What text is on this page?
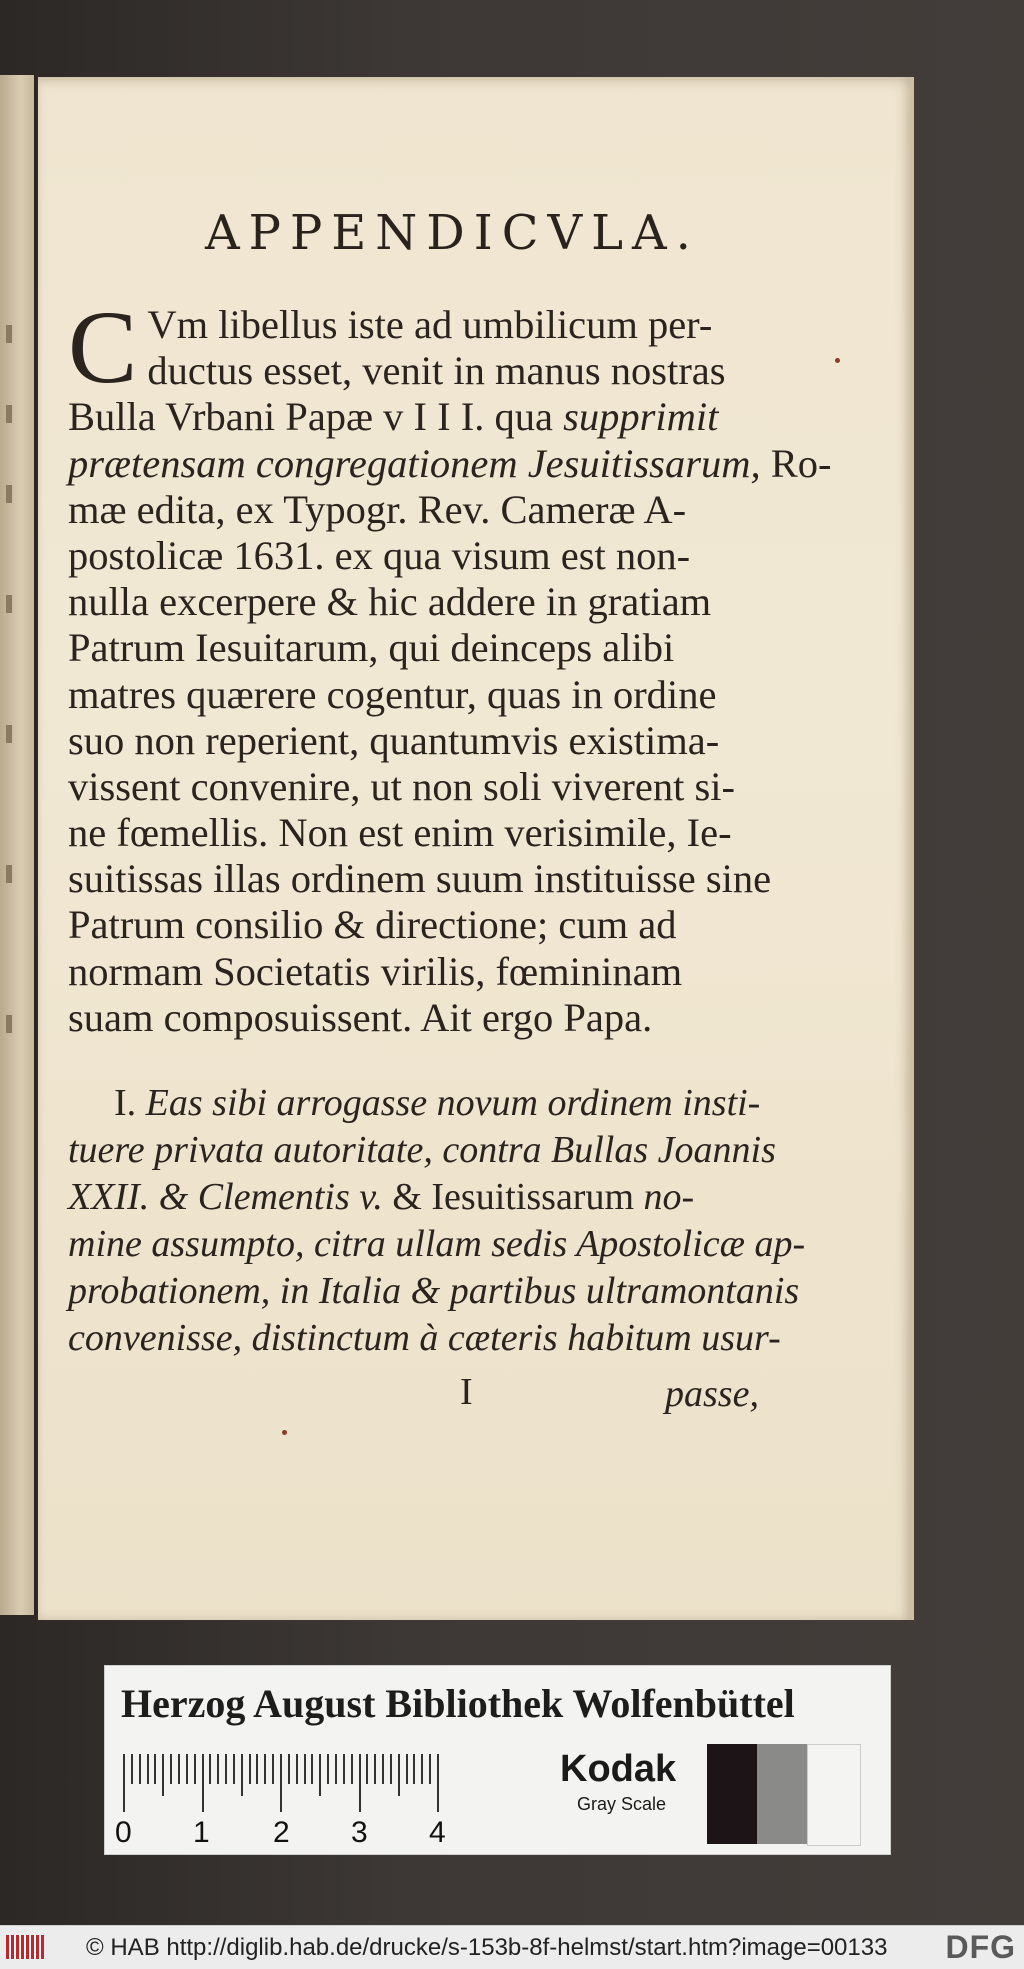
APPENDICVLA.
C Vm libellus iste ad umbilicum per-
ductus esset, venit in manus nostras
Bulla Vrbani Papæ v I I I. qua supprimit
prætensam congregationem Jesuitissarum, Ro-
mæ edita, ex Typogr. Rev. Cameræ A-
postolicæ 1631. ex qua visum est non-
nulla excerpere & hic addere in gratiam
Patrum Iesuitarum, qui deinceps alibi
matres quærere cogentur, quas in ordine
suo non reperient, quantumvis existima-
vissent convenire, ut non soli viverent si-
ne fœmellis. Non est enim verisimile, Ie-
suitissas illas ordinem suum instituisse sine
Patrum consilio & directione; cum ad
normam Societatis virilis, fœmininam
suam composuissent. Ait ergo Papa.
I. Eas sibi arrogasse novum ordinem insti-
tuere privata autoritate, contra Bullas Joannis
XXII. & Clementis v. & Iesuitissarum no-
mine assumpto, citra ullam sedis Apostolicæ ap-
probationem, in Italia & partibus ultramontanis
convenisse, distinctum à cæteris habitum usur-
I	passe,
Herzog August Bibliothek Wolfenbüttel
0 1 2 3 4
Kodak
Gray Scale
© HAB http://diglib.hab.de/drucke/s-153b-8f-helmst/start.htm?image=00133 DFG
